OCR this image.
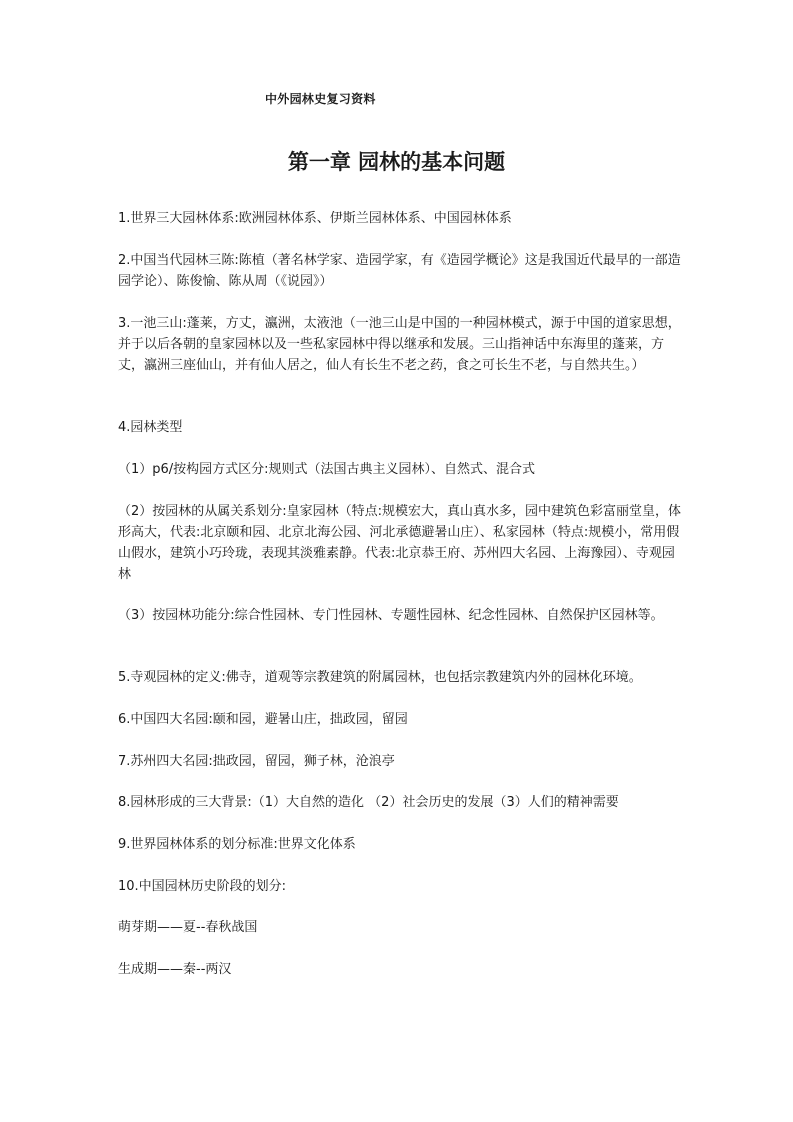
中外园林史复习资料
第一章 园林的基本问题

1.世界三大园林体系:欧洲园林体系、伊斯兰园林体系、中国园林体系

2.中国当代园林三陈:陈植（著名林学家、造园学家，有《造园学概论》这是我国近代最早的一部造园学论）、陈俊愉、陈从周（《说园》）

3.一池三山:蓬莱，方丈，瀛洲，太液池（一池三山是中国的一种园林模式，源于中国的道家思想，并于以后各朝的皇家园林以及一些私家园林中得以继承和发展。三山指神话中东海里的蓬莱，方丈，瀛洲三座仙山，并有仙人居之，仙人有长生不老之药，食之可长生不老，与自然共生。）

4.园林类型

（1）p6/按构园方式区分:规则式（法国古典主义园林）、自然式、混合式

（2）按园林的从属关系划分:皇家园林（特点:规模宏大，真山真水多，园中建筑色彩富丽堂皇，体形高大，代表:北京颐和园、北京北海公园、河北承德避暑山庄）、私家园林（特点:规模小，常用假山假水，建筑小巧玲珑，表现其淡雅素静。代表:北京恭王府、苏州四大名园、上海豫园）、寺观园林

（3）按园林功能分:综合性园林、专门性园林、专题性园林、纪念性园林、自然保护区园林等。

5.寺观园林的定义:佛寺，道观等宗教建筑的附属园林，也包括宗教建筑内外的园林化环境。

6.中国四大名园:颐和园，避暑山庄，拙政园，留园

7.苏州四大名园:拙政园，留园，狮子林，沧浪亭

8.园林形成的三大背景:（1）大自然的造化 （2）社会历史的发展（3）人们的精神需要

9.世界园林体系的划分标准:世界文化体系

10.中国园林历史阶段的划分:

萌芽期——夏--春秋战国

生成期——秦--两汉
